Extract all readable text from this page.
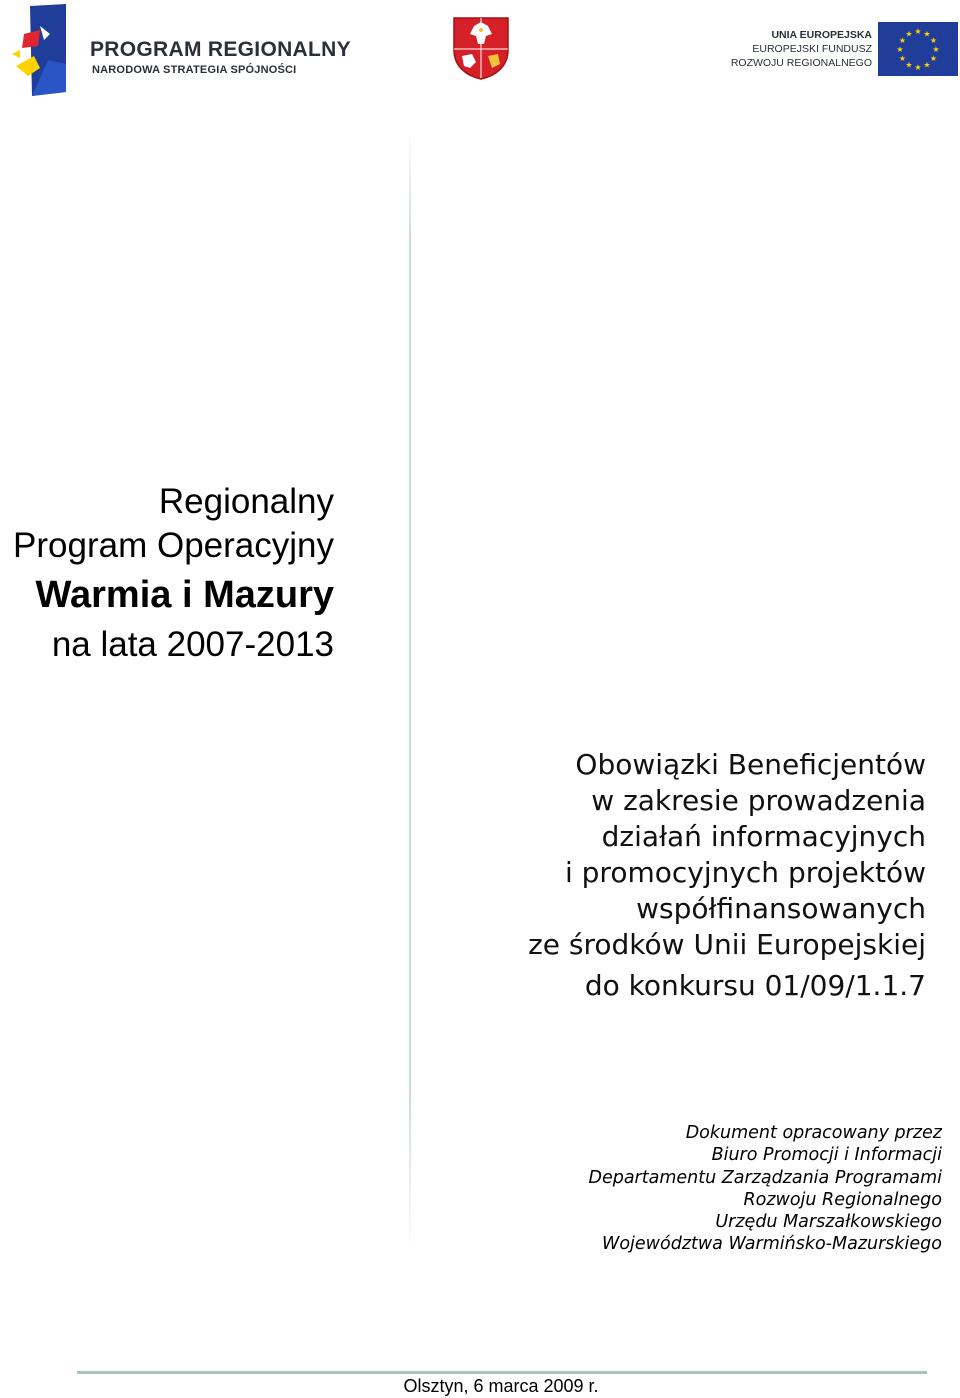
PROGRAM REGIONALNY
NARODOWA STRATEGIA SPÓJNOŚCI
UNIA EUROPEJSKA
EUROPEJSKI FUNDUSZ
ROZWOJU REGIONALNEGO
★ ★
★
★
★
★
★
★
★
★
★
★
Regionalny
Program Operacyjny
Warmia i Mazury
na lata 2007-2013
Obowiązki Beneficjentów
w zakresie prowadzenia
działań informacyjnych
i promocyjnych projektów
współfinansowanych
ze środków Unii Europejskiej
do konkursu 01/09/1.1.7
Dokument opracowany przez
Biuro Promocji i Informacji
Departamentu Zarządzania Programami
Rozwoju Regionalnego
Urzędu Marszałkowskiego
Województwa Warmińsko-Mazurskiego
Olsztyn, 6 marca 2009 r.
